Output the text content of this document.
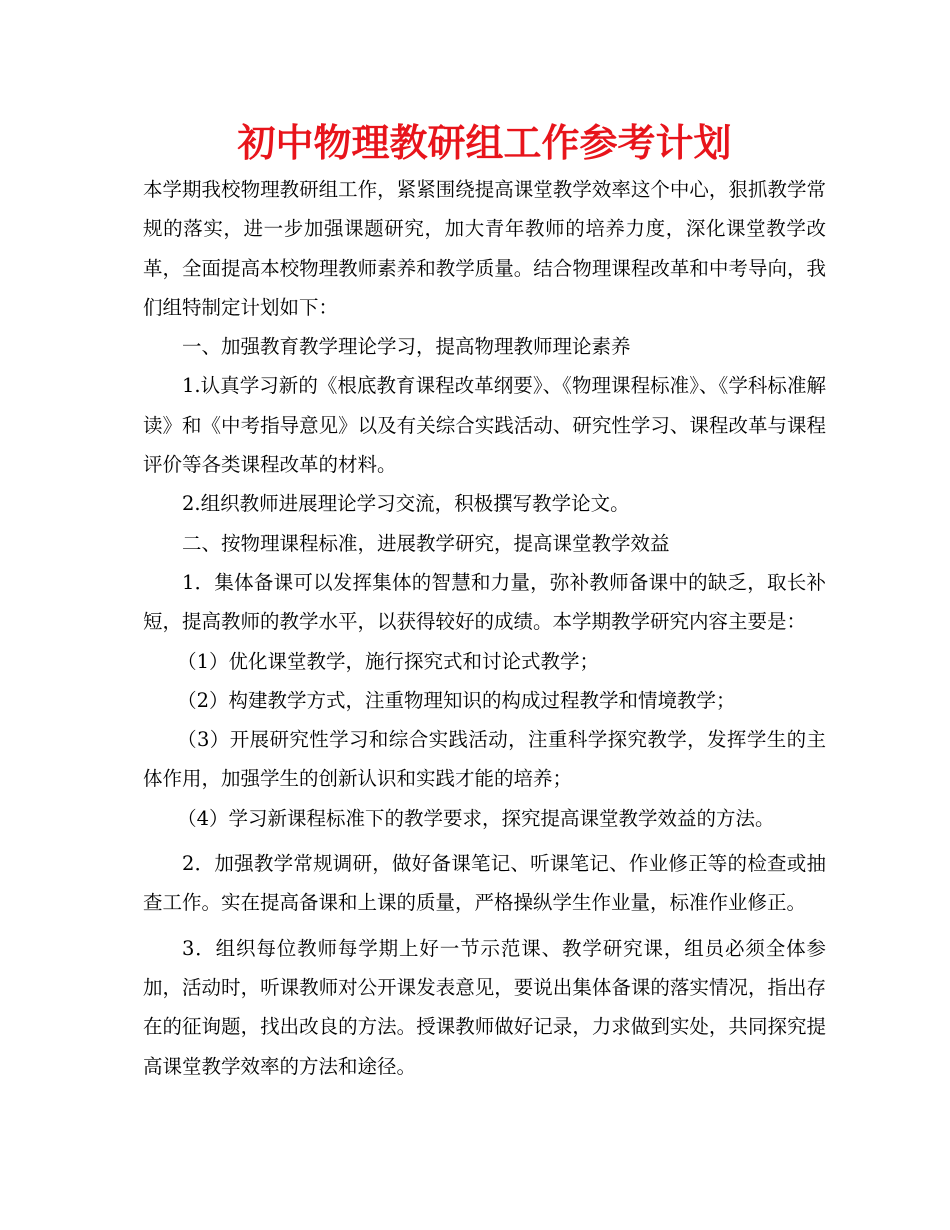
初中物理教研组工作参考计划

本学期我校物理教研组工作，紧紧围绕提高课堂教学效率这个中心，狠抓教学常规的落实，进一步加强课题研究，加大青年教师的培养力度，深化课堂教学改革，全面提高本校物理教师素养和教学质量。结合物理课程改革和中考导向，我们组特制定计划如下：

一、加强教育教学理论学习，提高物理教师理论素养

1.认真学习新的《根底教育课程改革纲要》、《物理课程标准》、《学科标准解读》和《中考指导意见》以及有关综合实践活动、研究性学习、课程改革与课程评价等各类课程改革的材料。

2.组织教师进展理论学习交流，积极撰写教学论文。

二、按物理课程标准，进展教学研究，提高课堂教学效益

1．集体备课可以发挥集体的智慧和力量，弥补教师备课中的缺乏，取长补短，提高教师的教学水平，以获得较好的成绩。本学期教学研究内容主要是：

（1）优化课堂教学，施行探究式和讨论式教学；

（2）构建教学方式，注重物理知识的构成过程教学和情境教学；

（3）开展研究性学习和综合实践活动，注重科学探究教学，发挥学生的主体作用，加强学生的创新认识和实践才能的培养；

（4）学习新课程标准下的教学要求，探究提高课堂教学效益的方法。

2．加强教学常规调研，做好备课笔记、听课笔记、作业修正等的检查或抽查工作。实在提高备课和上课的质量，严格操纵学生作业量，标准作业修正。

3．组织每位教师每学期上好一节示范课、教学研究课，组员必须全体参加，活动时，听课教师对公开课发表意见，要说出集体备课的落实情况，指出存在的征询题，找出改良的方法。授课教师做好记录，力求做到实处，共同探究提高课堂教学效率的方法和途径。
